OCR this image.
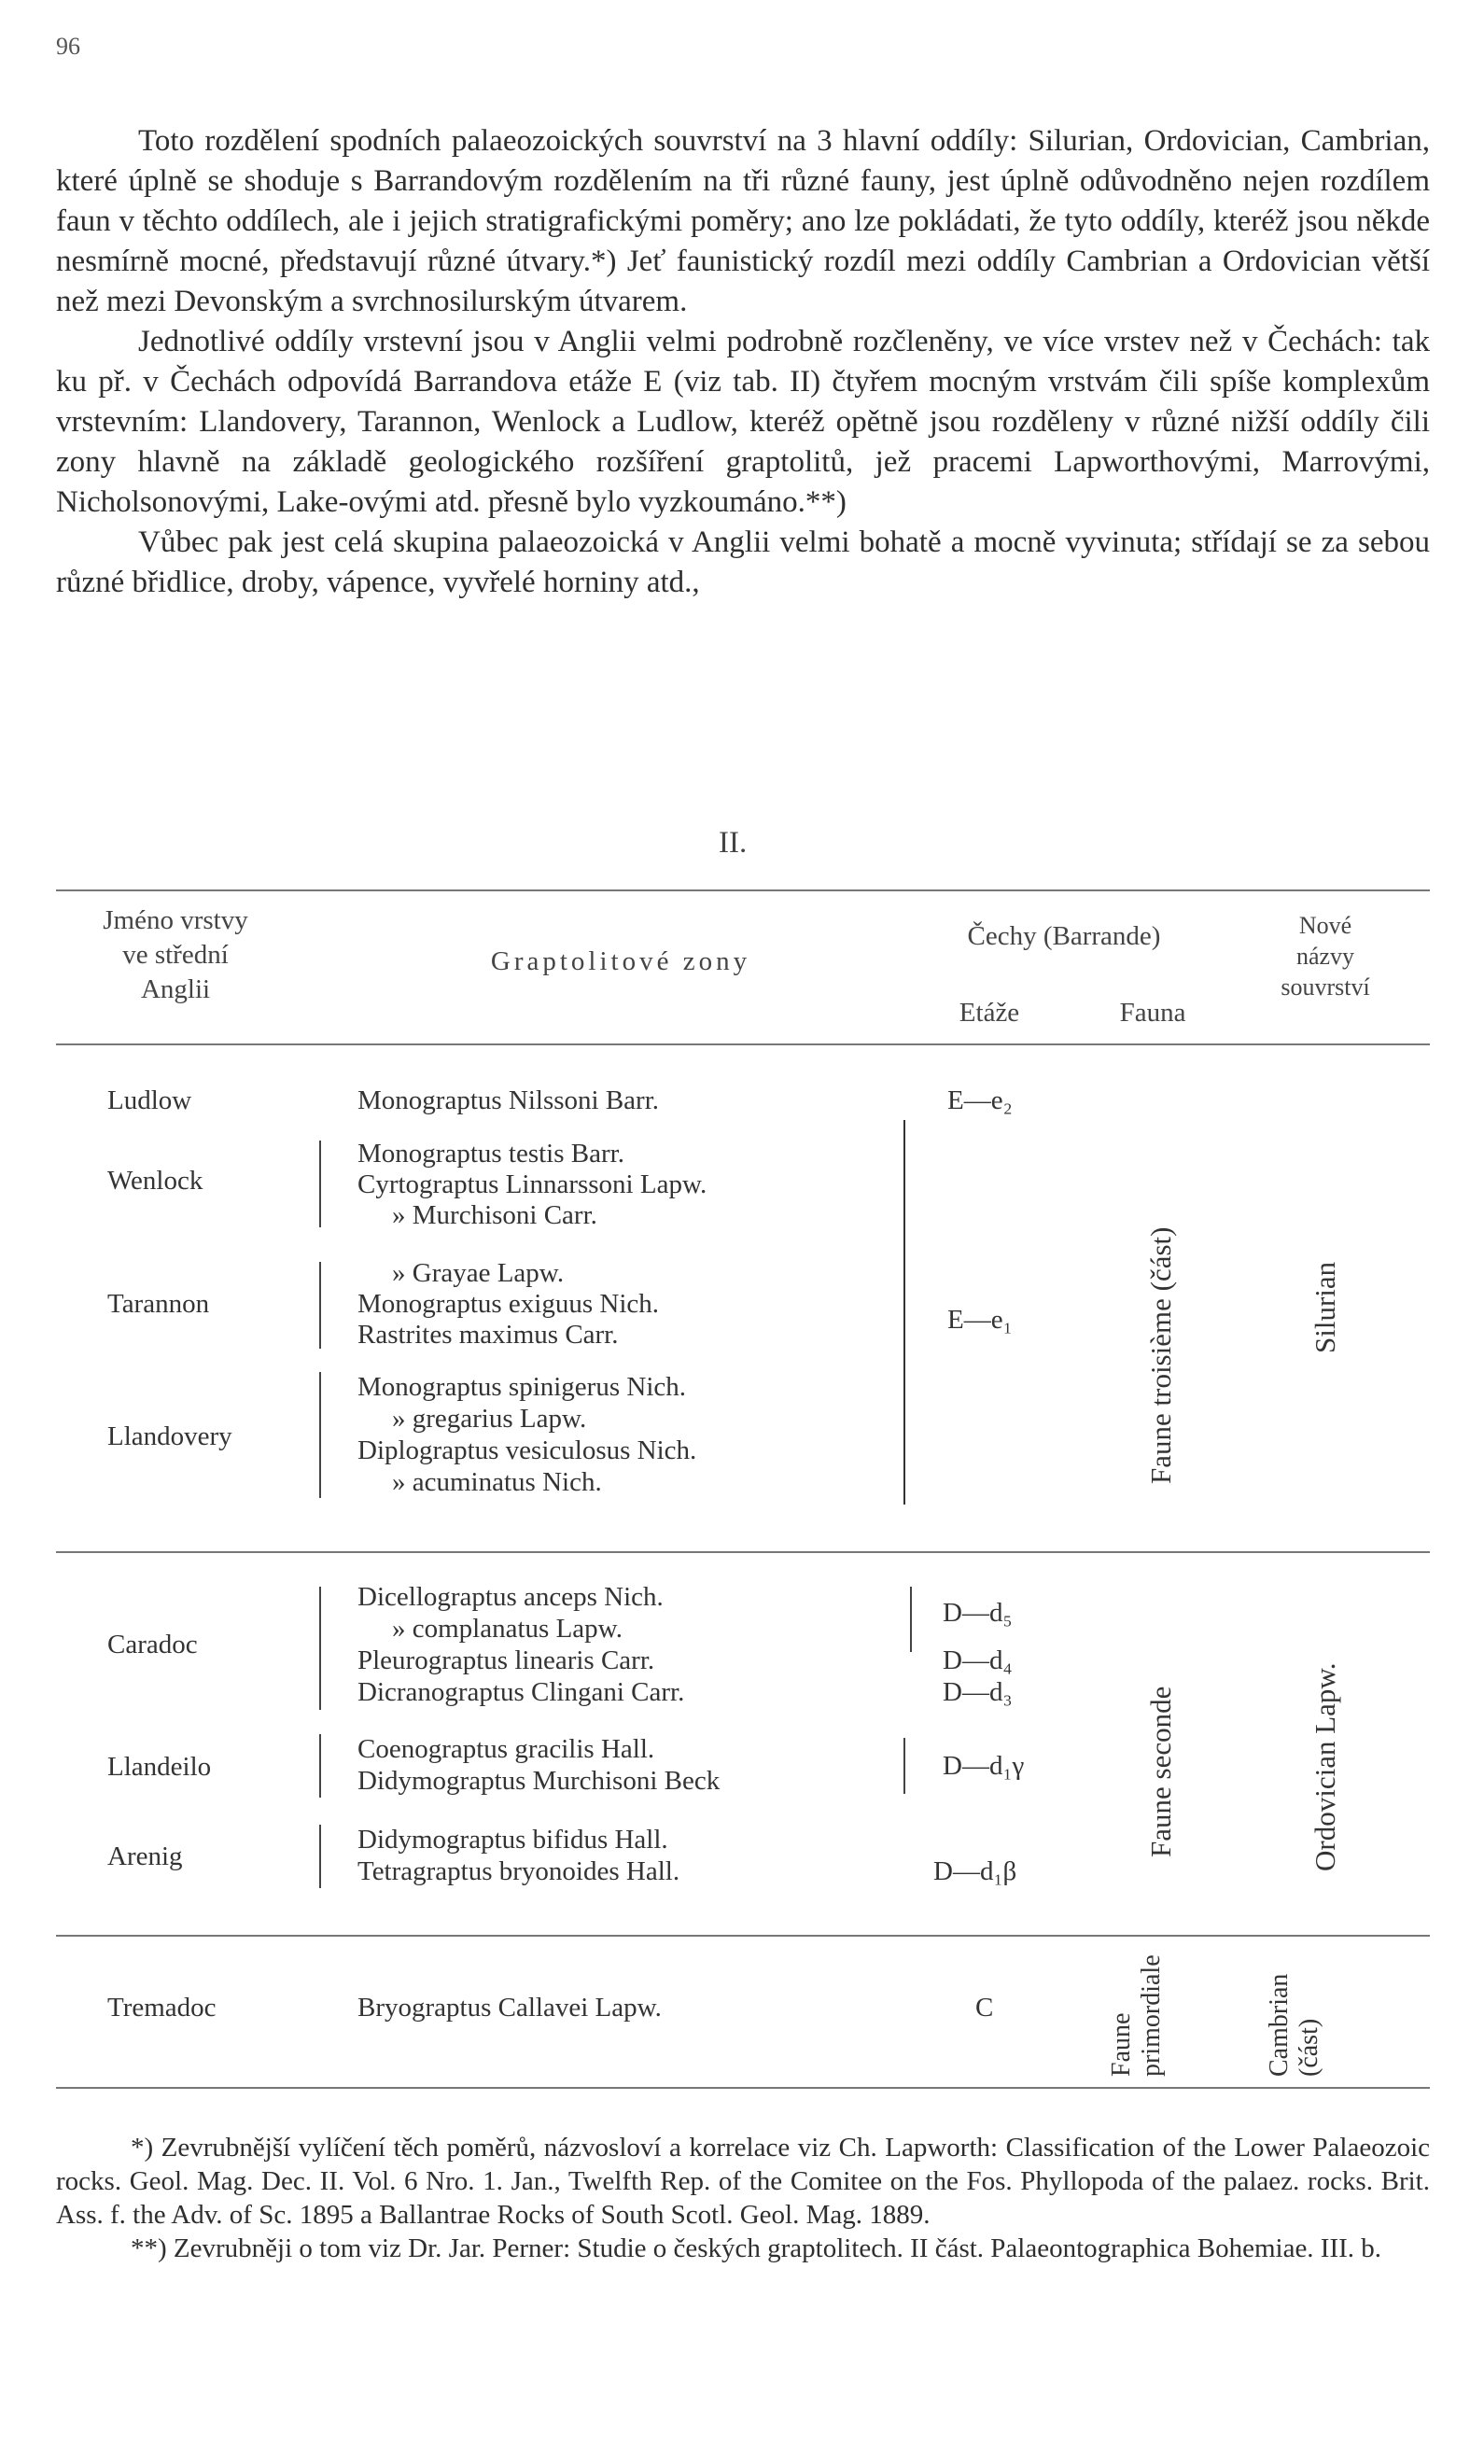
96

Toto rozdělení spodních palaeozoických souvrství na 3 hlavní oddíly: Silurian, Ordovician, Cambrian, které úplně se shoduje s Barrandovým rozdělením na tři různé fauny, jest úplně odůvodněno nejen rozdílem faun v těchto oddílech, ale i jejich stratigrafickými poměry; ano lze pokládati, že tyto oddíly, kteréž jsou někde nesmírně mocné, představují různé útvary.*) Jeť faunistický rozdíl mezi oddíly Cambrian a Ordovician větší než mezi Devonským a svrchnosilurským útvarem.

Jednotlivé oddíly vrstevní jsou v Anglii velmi podrobně rozčleněny, ve více vrstev než v Čechách: tak ku př. v Čechách odpovídá Barrandova etáže E (viz tab. II) čtyřem mocným vrstvám čili spíše komplexům vrstevním: Llandovery, Tarannon, Wenlock a Ludlow, kteréž opětně jsou rozděleny v různé nižší oddíly čili zony hlavně na základě geologického rozšíření graptolitů, jež pracemi Lapworthovými, Marrovými, Nicholsonovými, Lake-ovými atd. přesně bylo vyzkoumáno.**)

Vůbec pak jest celá skupina palaeozoická v Anglii velmi bohatě a mocně vyvinuta; střídají se za sebou různé břidlice, droby, vápence, vyvřelé horniny atd.,

II.
Jméno vrstvy
ve střední
Anglii
Graptolitové zony
Čechy (Barrande)
Etáže	Fauna
Nové
názvy
souvrství
Ludlow
Wenlock
Tarannon
Llandovery
Caradoc
Llandeilo
Arenig
Tremadoc
Monograptus Nilssoni Barr.
Monograptus testis Barr.
Cyrtograptus Linnarssoni Lapw.
» Murchisoni Carr.
» Grayae Lapw.
Monograptus exiguus Nich.
Rastrites maximus Carr.
Monograptus spinigerus Nich.
» gregarius Lapw.
Diplograptus vesiculosus Nich.
» acuminatus Nich.
Dicellograptus anceps Nich.
» complanatus Lapw.
Pleurograptus linearis Carr.
Dicranograptus Clingani Carr.
Coenograptus gracilis Hall.
Didymograptus Murchisoni Beck
Didymograptus bifidus Hall.
Tetragraptus bryonoides Hall.
Bryograptus Callavei Lapw.
E—e₂
E—e₁
D—d₅
D—d₄
D—d₃
D—d₁γ
D—d₁β
C
Faune troisième (část)
Faune seconde
Faune primordiale
Silurian
Ordovician Lapw.
Cambrian (část)

*) Zevrubnější vylíčení těch poměrů, názvosloví a korrelace viz Ch. Lapworth: Classification of the Lower Palaeozoic rocks. Geol. Mag. Dec. II. Vol. 6 Nro. 1. Jan., Twelfth Rep. of the Comitee on the Fos. Phyllopoda of the palaez. rocks. Brit. Ass. f. the Adv. of Sc. 1895 a Ballantrae Rocks of South Scotl. Geol. Mag. 1889.

**) Zevrubněji o tom viz Dr. Jar. Perner: Studie o českých graptolitech. II část. Palaeontographica Bohemiae. III. b.
